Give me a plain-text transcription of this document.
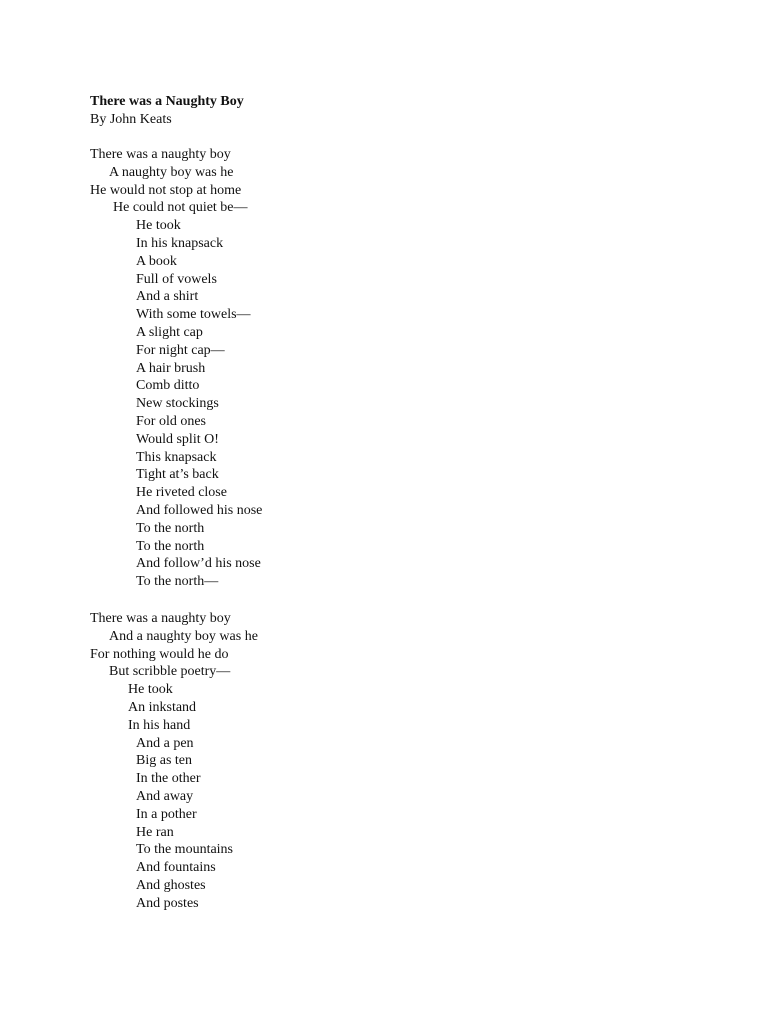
There was a Naughty Boy
By John Keats
There was a naughty boy
A naughty boy was he
He would not stop at home
He could not quiet be—
He took
In his knapsack
A book
Full of vowels
And a shirt
With some towels—
A slight cap
For night cap—
A hair brush
Comb ditto
New stockings
For old ones
Would split O!
This knapsack
Tight at’s back
He riveted close
And followed his nose
To the north
To the north
And follow’d his nose
To the north—
There was a naughty boy
And a naughty boy was he
For nothing would he do
But scribble poetry—
He took
An inkstand
In his hand
And a pen
Big as ten
In the other
And away
In a pother
He ran
To the mountains
And fountains
And ghostes
And postes
